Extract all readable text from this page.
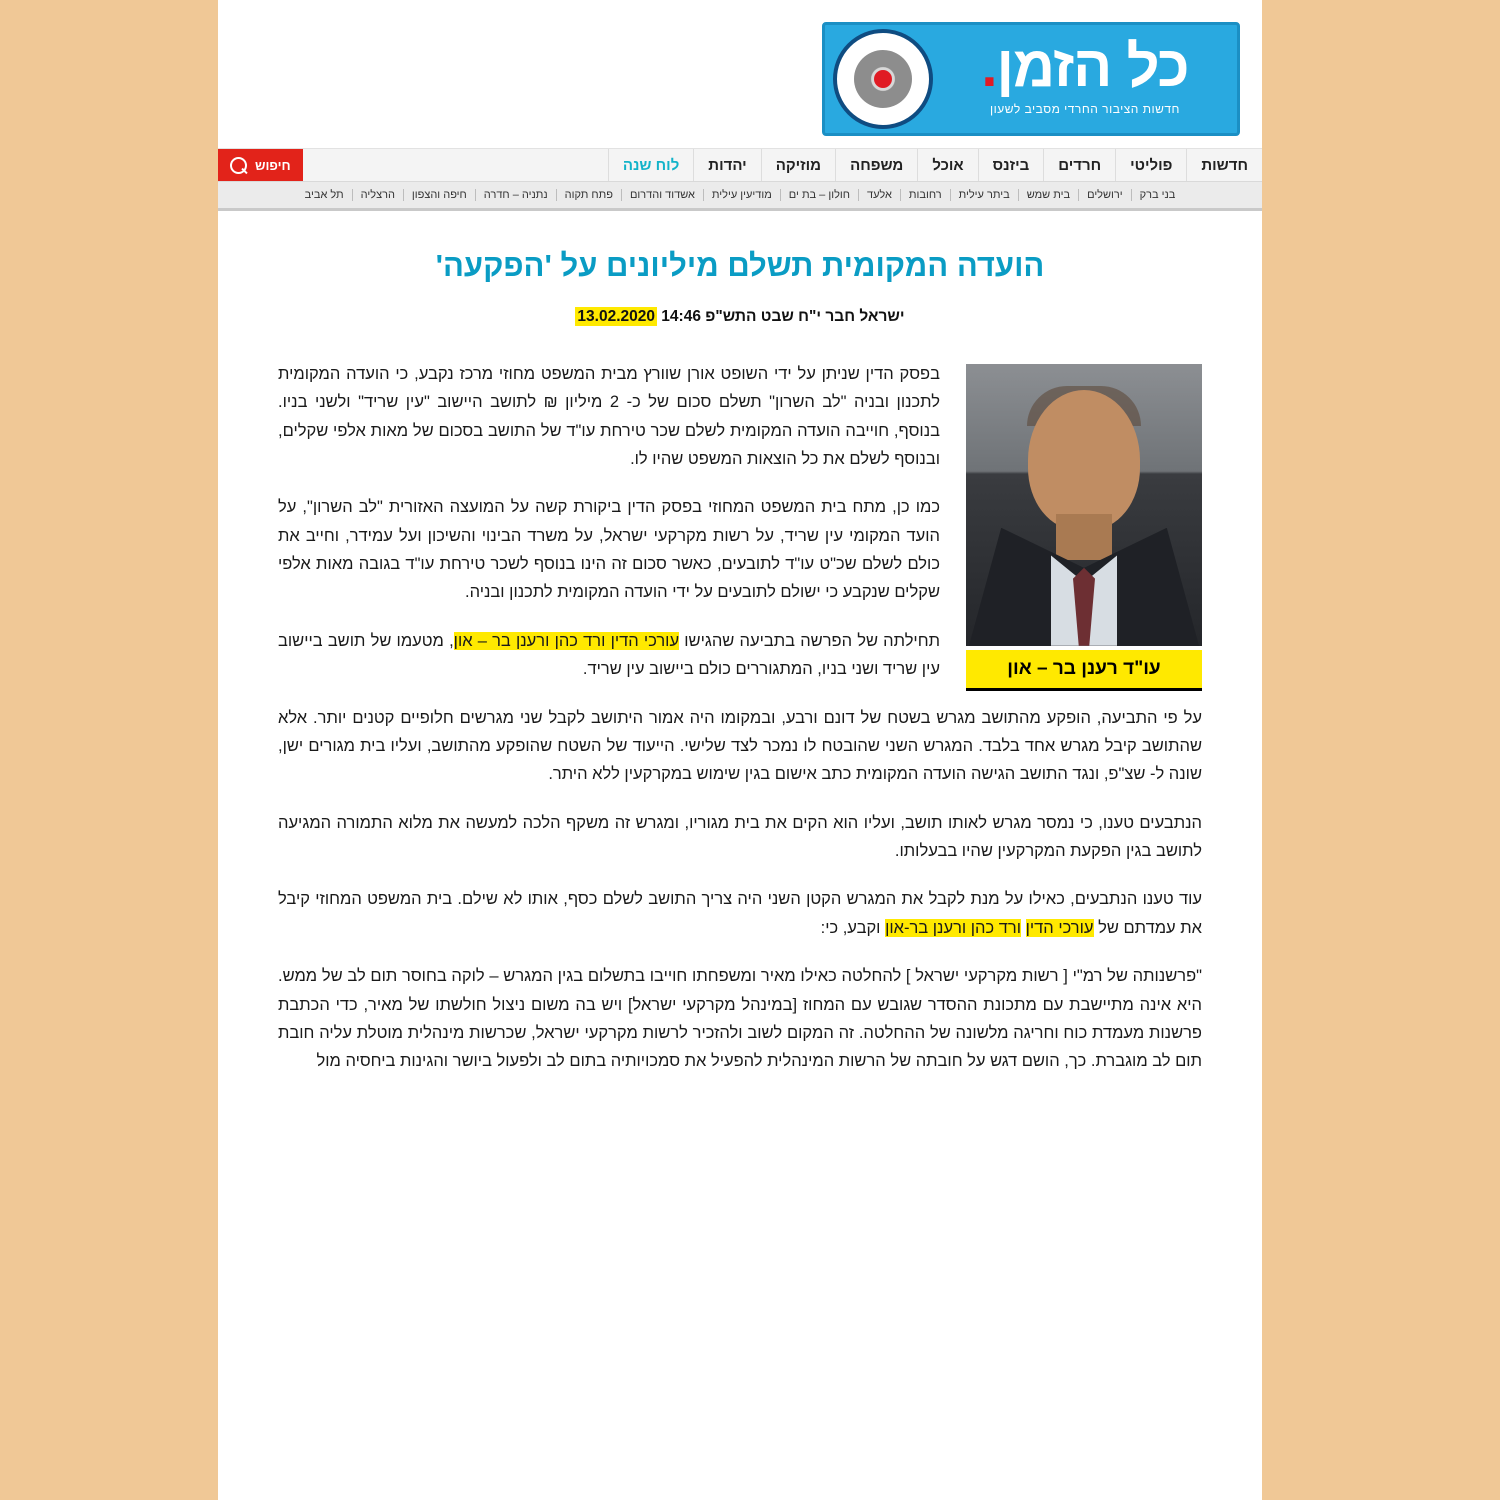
כל הזמן.
חדשות הציבור החרדי מסביב לשעון
חדשות
פוליטי
חרדים
ביזנס
אוכל
משפחה
מוזיקה
יהדות
לוח שנה
חיפוש
בני ברק
ירושלים
בית שמש
ביתר עילית
רחובות
אלעד
חולון – בת ים
מודיעין עילית
אשדוד והדרום
פתח תקוה
נתניה – חדרה
חיפה והצפון
הרצליה
תל אביב
הועדה המקומית תשלם מיליונים על 'הפקעה'
ישראל חבר י"ח שבט התש"פ 14:46 13.02.2020
עו"ד רענן בר – און

בפסק הדין שניתן על ידי השופט אורן שוורץ מבית המשפט מחוזי מרכז נקבע, כי הועדה המקומית לתכנון ובניה "לב השרון" תשלם סכום של כ- 2 מיליון ₪ לתושב היישוב "עין שריד" ולשני בניו. בנוסף, חוייבה הועדה המקומית לשלם שכר טירחת עו"ד של התושב בסכום של מאות אלפי שקלים, ובנוסף לשלם את כל הוצאות המשפט שהיו לו.

כמו כן, מתח בית המשפט המחוזי בפסק הדין ביקורת קשה על המועצה האזורית "לב השרון", על הועד המקומי עין שריד, על רשות מקרקעי ישראל, על משרד הבינוי והשיכון ועל עמידר, וחייב את כולם לשלם שכ"ט עו"ד לתובעים, כאשר סכום זה הינו בנוסף לשכר טירחת עו"ד בגובה מאות אלפי שקלים שנקבע כי ישולם לתובעים על ידי הועדה המקומית לתכנון ובניה.

תחילתה של הפרשה בתביעה שהגישו עורכי הדין ורד כהן ורענן בר – און, מטעמו של תושב ביישוב עין שריד ושני בניו, המתגוררים כולם ביישוב עין שריד.

על פי התביעה, הופקע מהתושב מגרש בשטח של דונם ורבע, ובמקומו היה אמור היתושב לקבל שני מגרשים חלופיים קטנים יותר. אלא שהתושב קיבל מגרש אחד בלבד. המגרש השני שהובטח לו נמכר לצד שלישי. הייעוד של השטח שהופקע מהתושב, ועליו בית מגורים ישן, שונה ל- שצ"פ, ונגד התושב הגישה הועדה המקומית כתב אישום בגין שימוש במקרקעין ללא היתר.

הנתבעים טענו, כי נמסר מגרש לאותו תושב, ועליו הוא הקים את בית מגוריו, ומגרש זה משקף הלכה למעשה את מלוא התמורה המגיעה לתושב בגין הפקעת המקרקעין שהיו בבעלותו.

עוד טענו הנתבעים, כאילו על מנת לקבל את המגרש הקטן השני היה צריך התושב לשלם כסף, אותו לא שילם. בית המשפט המחוזי קיבל את עמדתם של עורכי הדין ורד כהן ורענן בר-און וקבע, כי:

"פרשנותה של רמ"י [ רשות מקרקעי ישראל ] להחלטה כאילו מאיר ומשפחתו חוייבו בתשלום בגין המגרש – לוקה בחוסר תום לב של ממש. היא אינה מתיישבת עם מתכונת ההסדר שגובש עם המחוז [במינהל מקרקעי ישראל] ויש בה משום ניצול חולשתו של מאיר, כדי הכתבת פרשנות מעמדת כוח וחריגה מלשונה של ההחלטה. זה המקום לשוב ולהזכיר לרשות מקרקעי ישראל, שכרשות מינהלית מוטלת עליה חובת תום לב מוגברת. כך, הושם דגש על חובתה של הרשות המינהלית להפעיל את סמכויותיה בתום לב ולפעול ביושר והגינות ביחסיה מול
